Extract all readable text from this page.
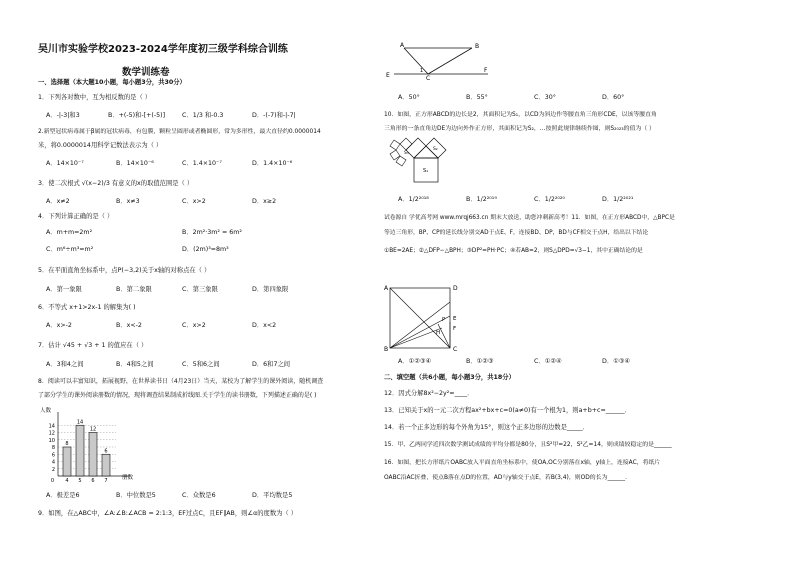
吴川市实验学校2023-2024学年度初三级学科综合训练
数学训练卷
一、选择题（本大题10小题，每小题3分，共30分）
1．下列各对数中，互为相反数的是（ ）
A．-|-3|和3	B．+(-5)和-[+(-5)]	C．1/3 和-0.3	D．-(-7)和-|-7|
2.新型冠状病毒属于β属的冠状病毒，有包膜，颗粒呈圆形或者椭圆形，常为多形性，最大直径约0.0000014
米，将0.0000014用科学记数法表示为（ ）
A．14×10⁻⁷	B．14×10⁻⁶	C．1.4×10⁻⁷	D．1.4×10⁻⁶
3．使二次根式 √(x−2)/3 有意义的x的取值范围是（ ）
A．x≠2	B．x≠3	C．x>2	D．x≥2
4．下列计算正确的是（ ）
A．m+m=2m²	B．2m²·3m² = 6m²
C．m⁶÷m³=m²	D．(2m)³=8m³
5．在平面直角坐标系中，点P(−3,2)关于x轴的对称点在（ ）
A．第一象限	B．第二象限	C．第三象限	D．第四象限
6．不等式 x+1>2x-1 的解集为( )
A．x>-2	B．x<-2	C．x>2	D．x<2
7．估计 √45 + √3 + 1 的值应在（ ）
A．3和4之间	B．4和5之间	C．5和6之间	D．6和7之间
8．阅读可以丰富知识，拓展视野，在世界读书日（4月23日）当天，某校为了解学生的课外阅读，随机调查
了部分学生的课外阅读册数的情况，现将调查结果制成折线图.关于学生的读书册数，下列描述正确的是( )
2
4
6
8
10
12
14
人数
册数
0
8
4
14
5
12
6
6
7
A．极差是6	B．中位数是5	C．众数是6	D．平均数是5
9．如图，在△ABC中，∠A:∠B:∠ACB = 2:1:3，EF过点C，且EF∥AB，则∠α的度数为（ ）
A	B
E	C
F
1
A．50°	B．55°	C．30°	D．60°
10．如图，正方形ABCD的边长是2，其面积记为S₁，以CD为斜边作等腰直角三角形CDE，以该等腰直角
三角形的一条直角边DE为边向外作正方形，其面积记为S₂，…按照此规律继续作图，则S₂₀₂₃的值为（ ）
S₃
S₂
S₁
A．1/2²⁰¹⁸	B．1/2²⁰¹⁹	C．1/2²⁰²⁰	D．1/2²⁰²¹
试卷源自 学优高考网 www.mrqj663.cn 期末大放送，助您冲刺新高考！11．如图，在正方形ABCD中，△BPC是
等边三角形，BP、CP的延长线分别交AD于点E、F，连接BD、DP，BD与CF相交于点H，给出以下结论
①BE=2AE；②△DFP∽△BPH；③DP²=PH·PC；④若AB=2，则S△DPD=√3−1，其中正确结论的是
A	D
B	C
E
F
P
H
A．①②③④	B．①②③	C．①②④	D．①③④
二、填空题（共6小题，每小题3分，共18分）
12．因式分解8x²−2y²=____．
13．已知关于x的一元二次方程ax²+bx+c=0(a≠0)有一个根为1，则a+b+c=______．
14．若一个正多边形的每个外角为15°，则这个正多边形的边数是_____．
15．甲、乙两同学近四次数学测试成绩的平均分都是80分，且S²甲=22，S²乙=14，则成绩较稳定的是______
16．如图，把长方形纸片OABC放入平面直角坐标系中，使OA,OC分别落在x轴，y轴上，连接AC，将纸片
OABC沿AC折叠，使点B落在点D的位置，AD与y轴交于点E，若B(3,4)，则OD的长为______．
